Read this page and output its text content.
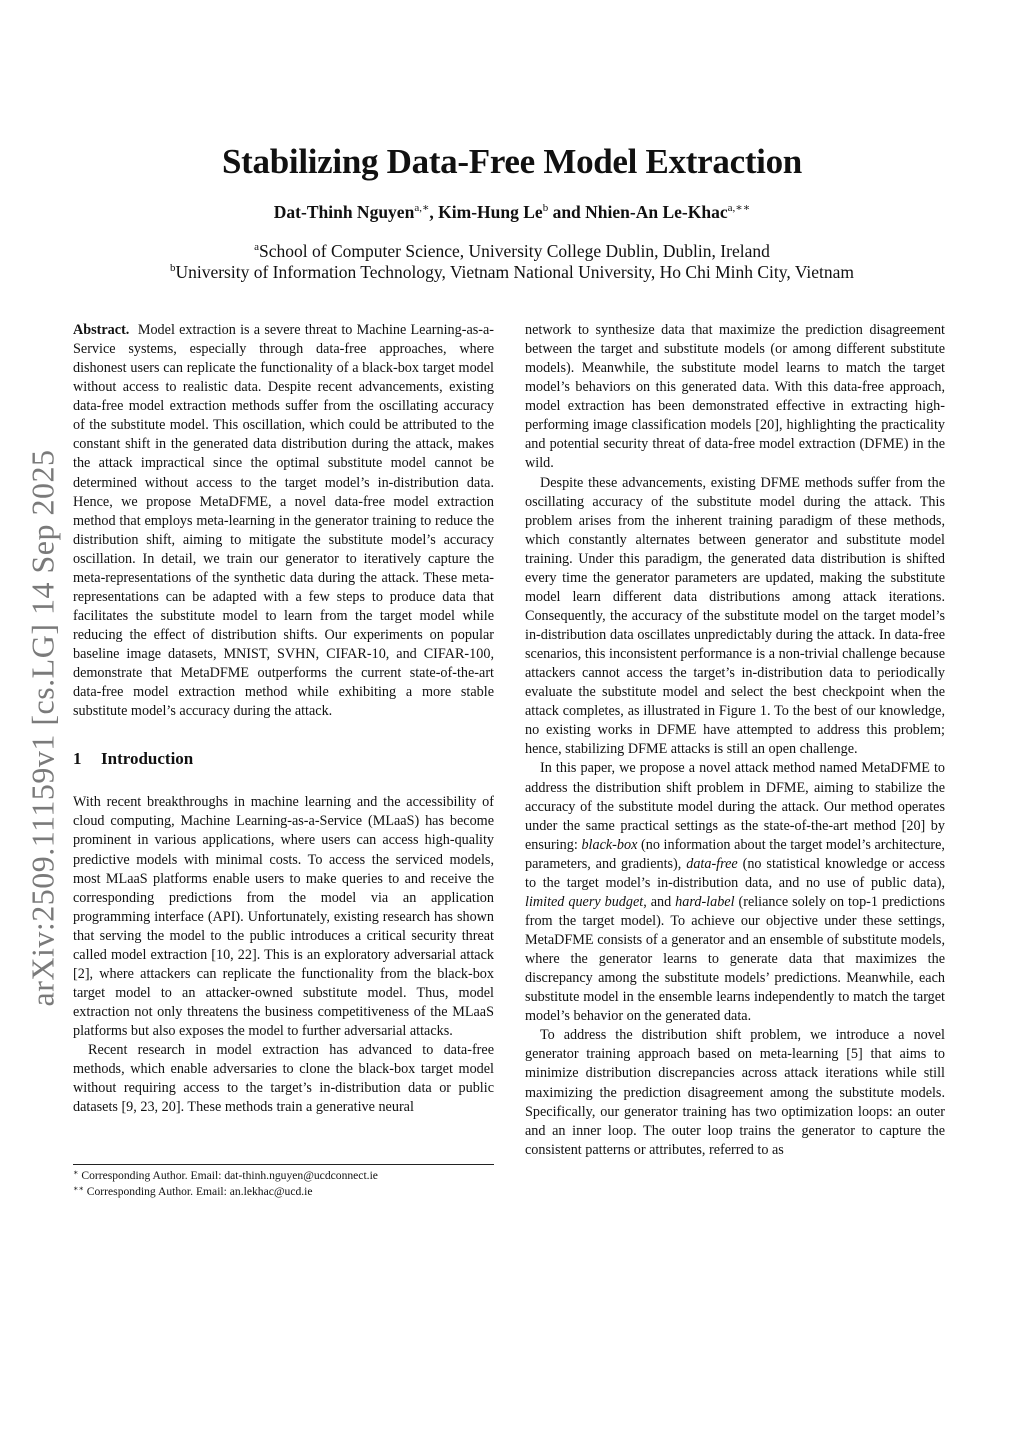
arXiv:2509.11159v1 [cs.LG] 14 Sep 2025
Stabilizing Data-Free Model Extraction
Dat-Thinh Nguyen$^{a,∗}$, Kim-Hung Le$^b$ and Nhien-An Le-Khac$^{a,∗∗}$
$^a$School of Computer Science, University College Dublin, Dublin, Ireland
$^b$University of Information Technology, Vietnam National University, Ho Chi Minh City, Vietnam

Abstract. Model extraction is a severe threat to Machine Learning-as-a-Service systems, especially through data-free approaches, where dishonest users can replicate the functionality of a black-box target model without access to realistic data. Despite recent advancements, existing data-free model extraction methods suffer from the oscillating accuracy of the substitute model. This oscillation, which could be attributed to the constant shift in the generated data distribution during the attack, makes the attack impractical since the optimal substitute model cannot be determined without access to the target model’s in-distribution data. Hence, we propose MetaDFME, a novel data-free model extraction method that employs meta-learning in the generator training to reduce the distribution shift, aiming to mitigate the substitute model’s accuracy oscillation. In detail, we train our generator to iteratively capture the meta-representations of the synthetic data during the attack. These meta-representations can be adapted with a few steps to produce data that facilitates the substitute model to learn from the target model while reducing the effect of distribution shifts. Our experiments on popular baseline image datasets, MNIST, SVHN, CIFAR-10, and CIFAR-100, demonstrate that MetaDFME outperforms the current state-of-the-art data-free model extraction method while exhibiting a more stable substitute model’s accuracy during the attack.

1 Introduction

With recent breakthroughs in machine learning and the accessibility of cloud computing, Machine Learning-as-a-Service (MLaaS) has become prominent in various applications, where users can access high-quality predictive models with minimal costs. To access the serviced models, most MLaaS platforms enable users to make queries to and receive the corresponding predictions from the model via an application programming interface (API). Unfortunately, existing research has shown that serving the model to the public introduces a critical security threat called model extraction [10, 22]. This is an exploratory adversarial attack [2], where attackers can replicate the functionality from the black-box target model to an attacker-owned substitute model. Thus, model extraction not only threatens the business competitiveness of the MLaaS platforms but also exposes the model to further adversarial attacks.

Recent research in model extraction has advanced to data-free methods, which enable adversaries to clone the black-box target model without requiring access to the target’s in-distribution data or public datasets [9, 23, 20]. These methods train a generative neural

∗ Corresponding Author. Email: dat-thinh.nguyen@ucdconnect.ie
∗∗ Corresponding Author. Email: an.lekhac@ucd.ie

network to synthesize data that maximize the prediction disagreement between the target and substitute models (or among different substitute models). Meanwhile, the substitute model learns to match the target model’s behaviors on this generated data. With this data-free approach, model extraction has been demonstrated effective in extracting high-performing image classification models [20], highlighting the practicality and potential security threat of data-free model extraction (DFME) in the wild.

Despite these advancements, existing DFME methods suffer from the oscillating accuracy of the substitute model during the attack. This problem arises from the inherent training paradigm of these methods, which constantly alternates between generator and substitute model training. Under this paradigm, the generated data distribution is shifted every time the generator parameters are updated, making the substitute model learn different data distributions among attack iterations. Consequently, the accuracy of the substitute model on the target model’s in-distribution data oscillates unpredictably during the attack. In data-free scenarios, this inconsistent performance is a non-trivial challenge because attackers cannot access the target’s in-distribution data to periodically evaluate the substitute model and select the best checkpoint when the attack completes, as illustrated in Figure 1. To the best of our knowledge, no existing works in DFME have attempted to address this problem; hence, stabilizing DFME attacks is still an open challenge.

In this paper, we propose a novel attack method named MetaDFME to address the distribution shift problem in DFME, aiming to stabilize the accuracy of the substitute model during the attack. Our method operates under the same practical settings as the state-of-the-art method [20] by ensuring: black-box (no information about the target model’s architecture, parameters, and gradients), data-free (no statistical knowledge or access to the target model’s in-distribution data, and no use of public data), limited query budget, and hard-label (reliance solely on top-1 predictions from the target model). To achieve our objective under these settings, MetaDFME consists of a generator and an ensemble of substitute models, where the generator learns to generate data that maximizes the discrepancy among the substitute models’ predictions. Meanwhile, each substitute model in the ensemble learns independently to match the target model’s behavior on the generated data.

To address the distribution shift problem, we introduce a novel generator training approach based on meta-learning [5] that aims to minimize distribution discrepancies across attack iterations while still maximizing the prediction disagreement among the substitute models. Specifically, our generator training has two optimization loops: an outer and an inner loop. The outer loop trains the generator to capture the consistent patterns or attributes, referred to as
